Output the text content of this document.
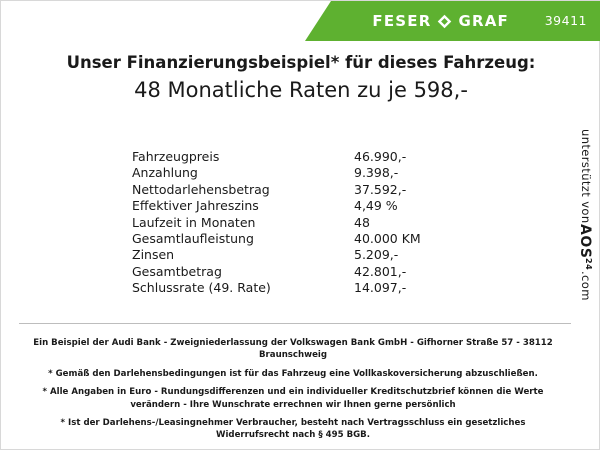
FESER GRAF	39411
Unser Finanzierungsbeispiel* für dieses Fahrzeug:
48 Monatliche Raten zu je 598,-
Fahrzeugpreis	46.990,-
Anzahlung	9.398,-
Nettodarlehensbetrag	37.592,-
Effektiver Jahreszins	4,49 %
Laufzeit in Monaten	48
Gesamtlaufleistung	40.000 KM
Zinsen	5.209,-
Gesamtbetrag	42.801,-
Schlussrate (49. Rate)	14.097,-
unterstützt von
AOS
24
.com

Ein Beispiel der Audi Bank - Zweigniederlassung der Volkswagen Bank GmbH - Gifhorner Straße 57 - 38112 Braunschweig

* Gemäß den Darlehensbedingungen ist für das Fahrzeug eine Vollkaskoversicherung abzuschließen.

* Alle Angaben in Euro - Rundungsdifferenzen und ein individueller Kreditschutzbrief können die Werte verändern - Ihre Wunschrate errechnen wir Ihnen gerne persönlich

* Ist der Darlehens-/Leasingnehmer Verbraucher, besteht nach Vertragsschluss ein gesetzliches Widerrufsrecht nach § 495 BGB.
